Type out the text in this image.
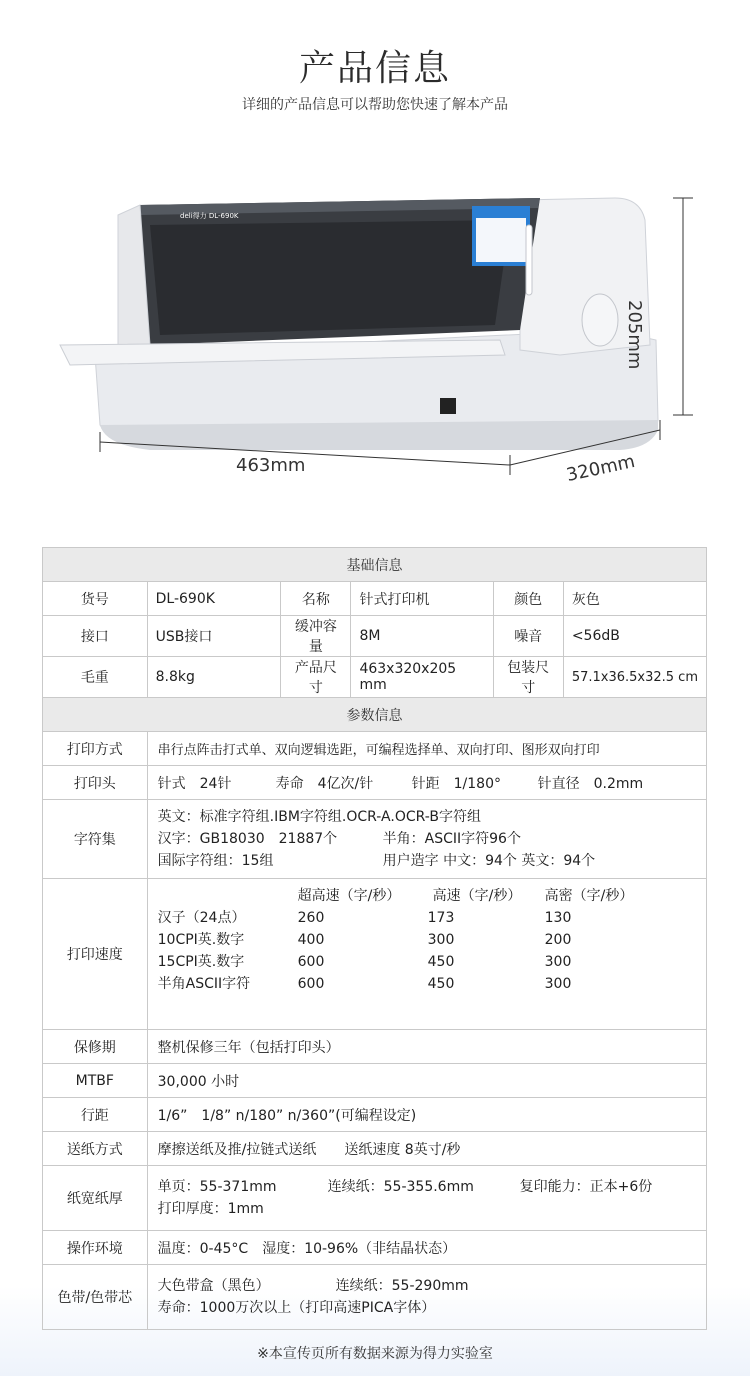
产品信息
详细的产品信息可以帮助您快速了解本产品
deli得力 DL-690K
463mm	320mm
205mm
基础信息					
货号	DL-690K	名称	针式打印机	颜色	灰色
接口	USB接口	缓冲容量	8M	噪音	<56dB
毛重	8.8kg	产品尺寸	463x320x205 mm	包装尺寸	57.1x36.5x32.5 cm
参数信息					
打印方式	串行点阵击打式单、双向逻辑选距，可编程选择单、双向打印、图形双向打印				
打印头	针式　24针 寿命　4亿次/针 针距　1/180° 针直径　0.2mm				
字符集	英文：标准字符组.IBM字符组.OCR-A.OCR-B字符组
汉字：GB18030　21887个 半角：ASCII字符96个
国际字符组：15组 用户造字 中文：94个 英文：94个				

打印速度	超高速（字/秒） 高速（字/秒） 高密（字/秒）
汉子（24点） 260 173 130
10CPI英.数字 400 300 200
15CPI英.数字 600 450 300
半角ASCII字符 600 450 300				

保修期	整机保修三年（包括打印头）				
MTBF	30,000 小时				
行距	1/6”　1/8” n/180” n/360”(可编程设定)				
送纸方式	摩擦送纸及推/拉链式送纸　　送纸速度 8英寸/秒				
纸宽纸厚	单页：55-371mm 连续纸：55-355.6mm 复印能力：正本+6份
打印厚度：1mm				

操作环境	温度：0-45°C　湿度：10-96%（非结晶状态）				
色带/色带芯	大色带盒（黑色） 连续纸：55-290mm
寿命：1000万次以上（打印高速PICA字体）				
※本宣传页所有数据来源为得力实验室
